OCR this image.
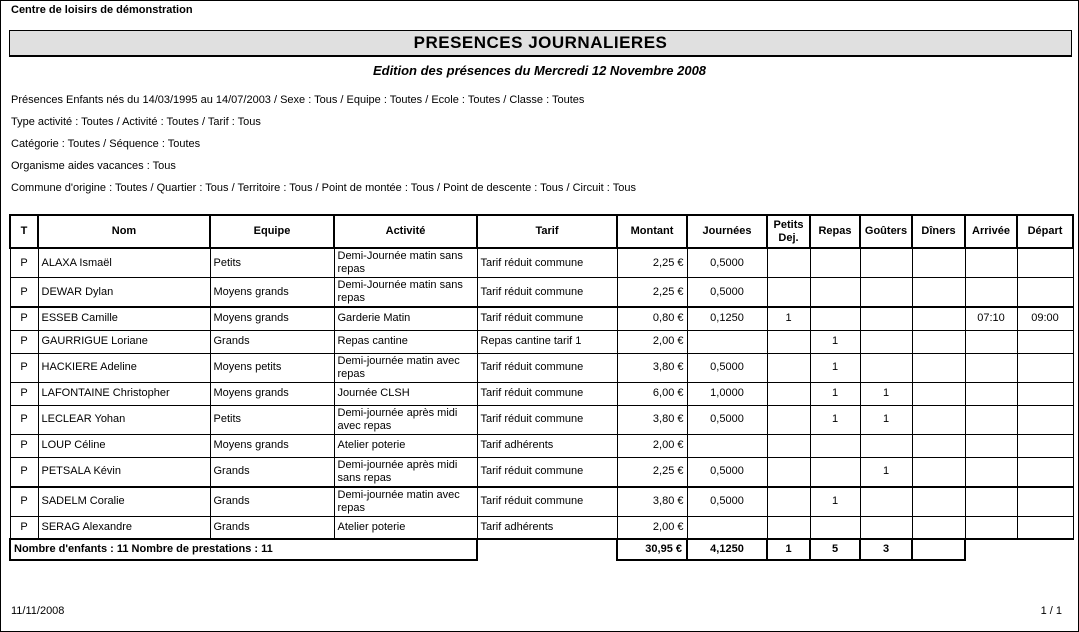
Centre de loisirs de démonstration
PRESENCES JOURNALIERES
Edition des présences du Mercredi 12 Novembre 2008
Présences Enfants nés du 14/03/1995 au 14/07/2003 / Sexe : Tous / Equipe : Toutes / Ecole : Toutes / Classe : Toutes
Type activité : Toutes / Activité : Toutes / Tarif : Tous
Catégorie : Toutes / Séquence : Toutes
Organisme aides vacances : Tous
Commune d'origine : Toutes / Quartier : Tous / Territoire : Tous / Point de montée : Tous / Point de descente : Tous / Circuit : Tous
T	Nom	Equipe	Activité	Tarif	Montant	Journées	Petits Dej.	Repas	Goûters	Dîners	Arrivée	Départ
P	ALAXA Ismaël	Petits	Demi-Journée matin sans repas	Tarif réduit commune	2,25 €	0,5000						
P	DEWAR Dylan	Moyens grands	Demi-Journée matin sans repas	Tarif réduit commune	2,25 €	0,5000						
P	ESSEB Camille	Moyens grands	Garderie Matin	Tarif réduit commune	0,80 €	0,1250	1				07:10	09:00
P	GAURRIGUE Loriane	Grands	Repas cantine	Repas cantine tarif 1	2,00 €			1				
P	HACKIERE Adeline	Moyens petits	Demi-journée matin avec repas	Tarif réduit commune	3,80 €	0,5000		1				
P	LAFONTAINE Christopher	Moyens grands	Journée CLSH	Tarif réduit commune	6,00 €	1,0000		1	1			
P	LECLEAR Yohan	Petits	Demi-journée après midi avec repas	Tarif réduit commune	3,80 €	0,5000		1	1			
P	LOUP Céline	Moyens grands	Atelier poterie	Tarif adhérents	2,00 €							
P	PETSALA Kévin	Grands	Demi-journée après midi sans repas	Tarif réduit commune	2,25 €	0,5000			1			
P	SADELM Coralie	Grands	Demi-journée matin avec repas	Tarif réduit commune	3,80 €	0,5000		1				
P	SERAG Alexandre	Grands	Atelier poterie	Tarif adhérents	2,00 €							
Nombre d'enfants : 11 Nombre de prestations : 11					30,95 €	4,1250	1	5	3			
11/11/2008	1 / 1
